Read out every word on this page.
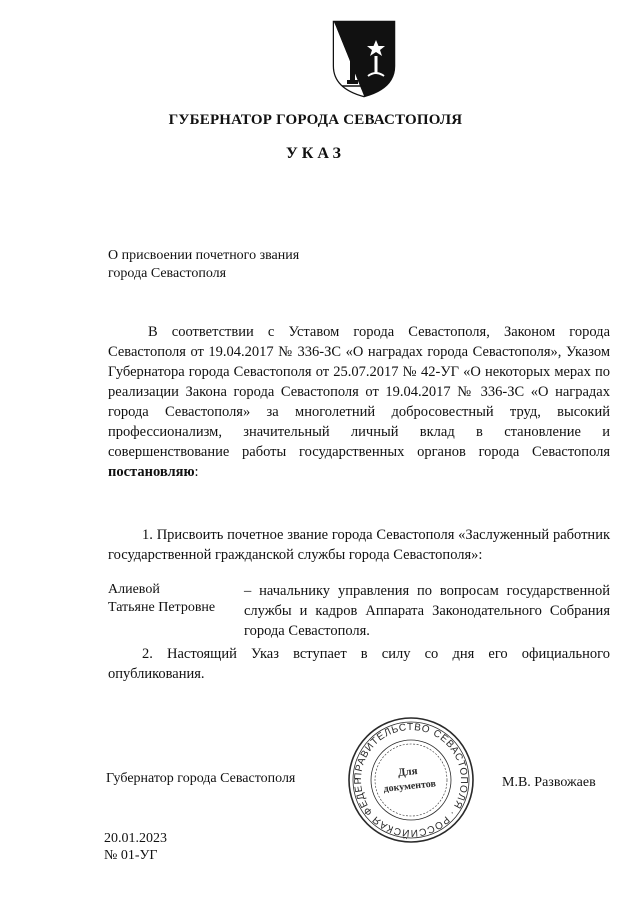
ГУБЕРНАТОР ГОРОДА СЕВАСТОПОЛЯ
УКАЗ
О присвоении почетного звания
города Севастополя
В соответствии с Уставом города Севастополя, Законом города Севастополя от 19.04.2017 № 336-ЗС «О наградах города Севастополя», Указом Губернатора города Севастополя от 25.07.2017 № 42-УГ «О некоторых мерах по реализации Закона города Севастополя от 19.04.2017 № 336-ЗС «О наградах города Севастополя» за многолетний добросовестный труд, высокий профессионализм, значительный личный вклад в становление и совершенствование работы государственных органов города Севастополя постановляю:
1. Присвоить почетное звание города Севастополя «Заслуженный работник государственной гражданской службы города Севастополя»:
Алиевой
Татьяне Петровне
– начальнику управления по вопросам государственной службы и кадров Аппарата Законодательного Собрания города Севастополя.
2. Настоящий Указ вступает в силу со дня его официального опубликования.
Губернатор города Севастополя	ПРАВИТЕЛЬСТВО СЕВАСТОПОЛЯ · РОССИЙСКАЯ ФЕДЕР
Для
документов	М.В. Развожаев
20.01.2023
№ 01-УГ
